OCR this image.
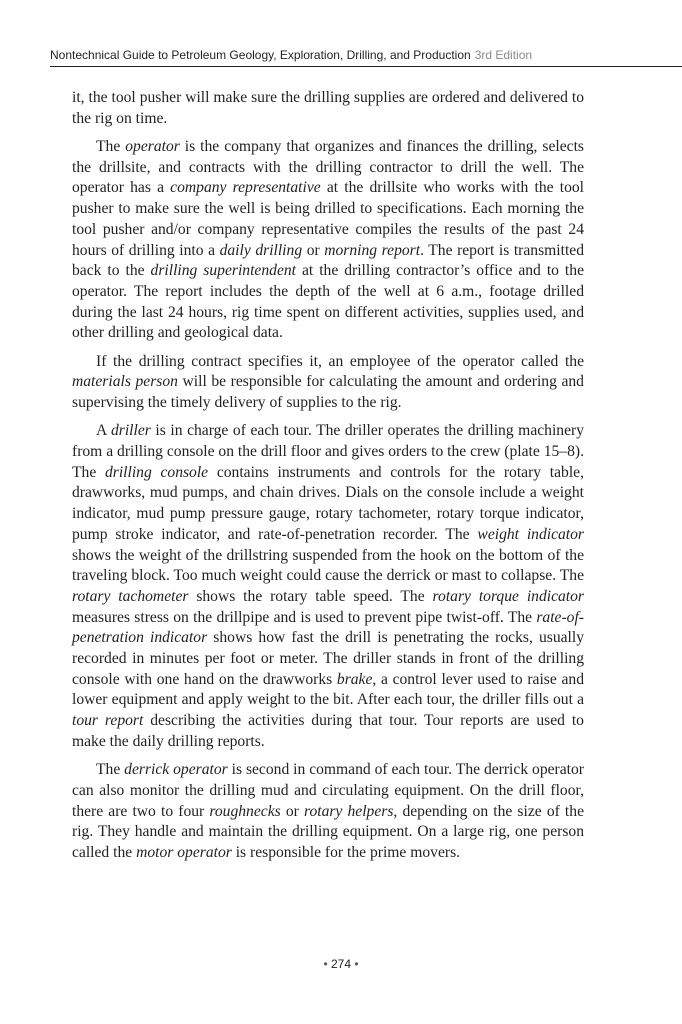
Nontechnical Guide to Petroleum Geology, Exploration, Drilling, and Production 3rd Edition

it, the tool pusher will make sure the drilling supplies are ordered and delivered to the rig on time.

The operator is the company that organizes and finances the drilling, selects the drillsite, and contracts with the drilling contractor to drill the well. The operator has a company representative at the drillsite who works with the tool pusher to make sure the well is being drilled to specifications. Each morning the tool pusher and/or company representative compiles the results of the past 24 hours of drilling into a daily drilling or morning report. The report is transmitted back to the drilling superintendent at the drilling contractor’s office and to the operator. The report includes the depth of the well at 6 a.m., footage drilled during the last 24 hours, rig time spent on different activities, supplies used, and other drilling and geological data.

If the drilling contract specifies it, an employee of the operator called the materials person will be responsible for calculating the amount and ordering and supervising the timely delivery of supplies to the rig.

A driller is in charge of each tour. The driller operates the drilling machinery from a drilling console on the drill floor and gives orders to the crew (plate 15–8). The drilling console contains instruments and controls for the rotary table, drawworks, mud pumps, and chain drives. Dials on the console include a weight indicator, mud pump pressure gauge, rotary tachometer, rotary torque indicator, pump stroke indicator, and rate-of-penetration recorder. The weight indicator shows the weight of the drillstring suspended from the hook on the bottom of the traveling block. Too much weight could cause the derrick or mast to collapse. The rotary tachometer shows the rotary table speed. The rotary torque indicator measures stress on the drillpipe and is used to prevent pipe twist-off. The rate-of-penetration indicator shows how fast the drill is penetrating the rocks, usually recorded in minutes per foot or meter. The driller stands in front of the drilling console with one hand on the drawworks brake, a control lever used to raise and lower equipment and apply weight to the bit. After each tour, the driller fills out a tour report describing the activities during that tour. Tour reports are used to make the daily drilling reports.

The derrick operator is second in command of each tour. The derrick operator can also monitor the drilling mud and circulating equipment. On the drill floor, there are two to four roughnecks or rotary helpers, depending on the size of the rig. They handle and maintain the drilling equipment. On a large rig, one person called the motor operator is responsible for the prime movers.

• 274 •
